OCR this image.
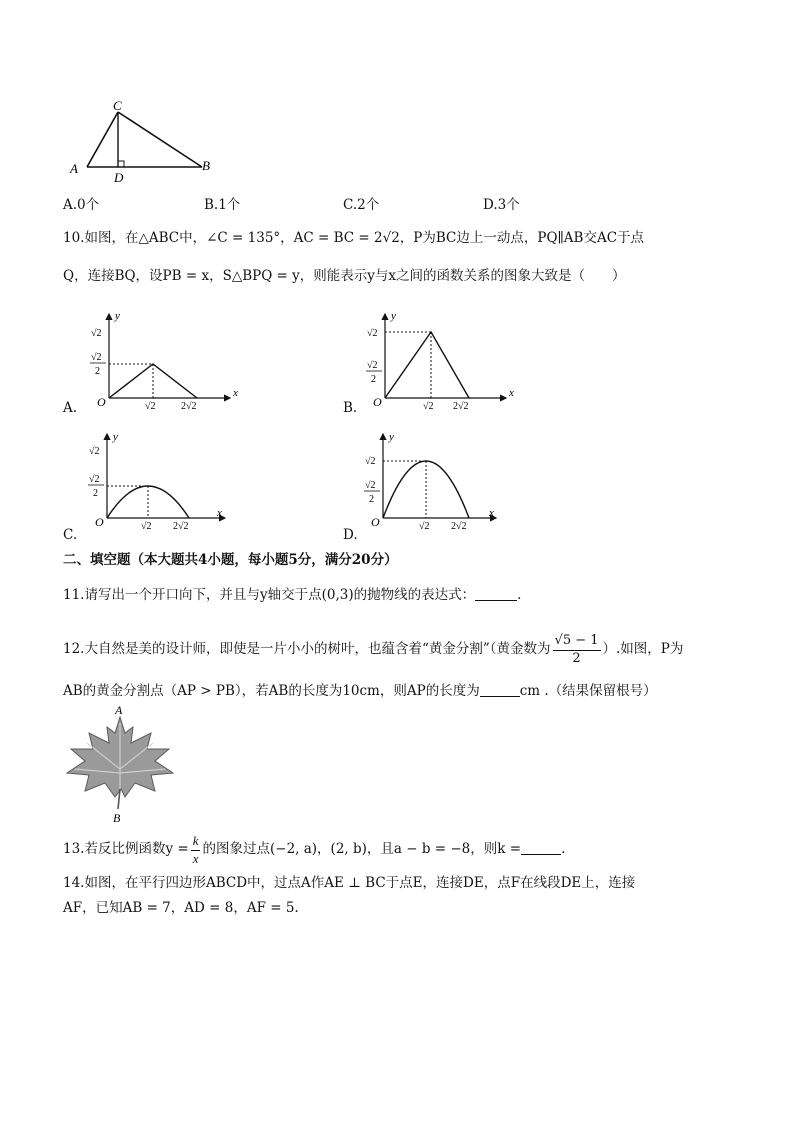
C
A
D
B
A.0个	B.1个	C.2个	D.3个
10.如图，在△ABC中，∠C = 135°，AC = BC = 2√2，P为BC边上一动点，PQ∥AB交AC于点
Q，连接BQ，设PB = x，S△BPQ = y，则能表示y与x之间的函数关系的图象大致是（　　）
A.
y
x
O
√2
√2
2
√2	2√2	B.
y
x
O
√2
√2
2
√2 2√2
C.
y
x
O
√2
√2
2
√2 2√2
D.
y
x
O
√2
√2
2
√2 2√2
二、填空题（本大题共4小题，每小题5分，满分20分）
11.请写出一个开口向下，并且与y轴交于点(0,3)的抛物线的表达式：	.
12.大自然是美的设计师，即使是一片小小的树叶，也蕴含着“黄金分割”（黄金数为 $\frac{√5 - 1}{2}$ ）.如图，P为
AB的黄金分割点（AP > PB），若AB的长度为10cm，则AP的长度为	cm .（结果保留根号）
A
B
13.若反比例函数$y = \frac{k}{x}$ 的图象过点(−2, a)，(2, b)，且a − b = −8，则k =	.
14.如图，在平行四边形ABCD中，过点A作AE ⊥ BC于点E，连接DE，点F在线段DE上，连接
AF，已知AB = 7，AD = 8，AF = 5.
